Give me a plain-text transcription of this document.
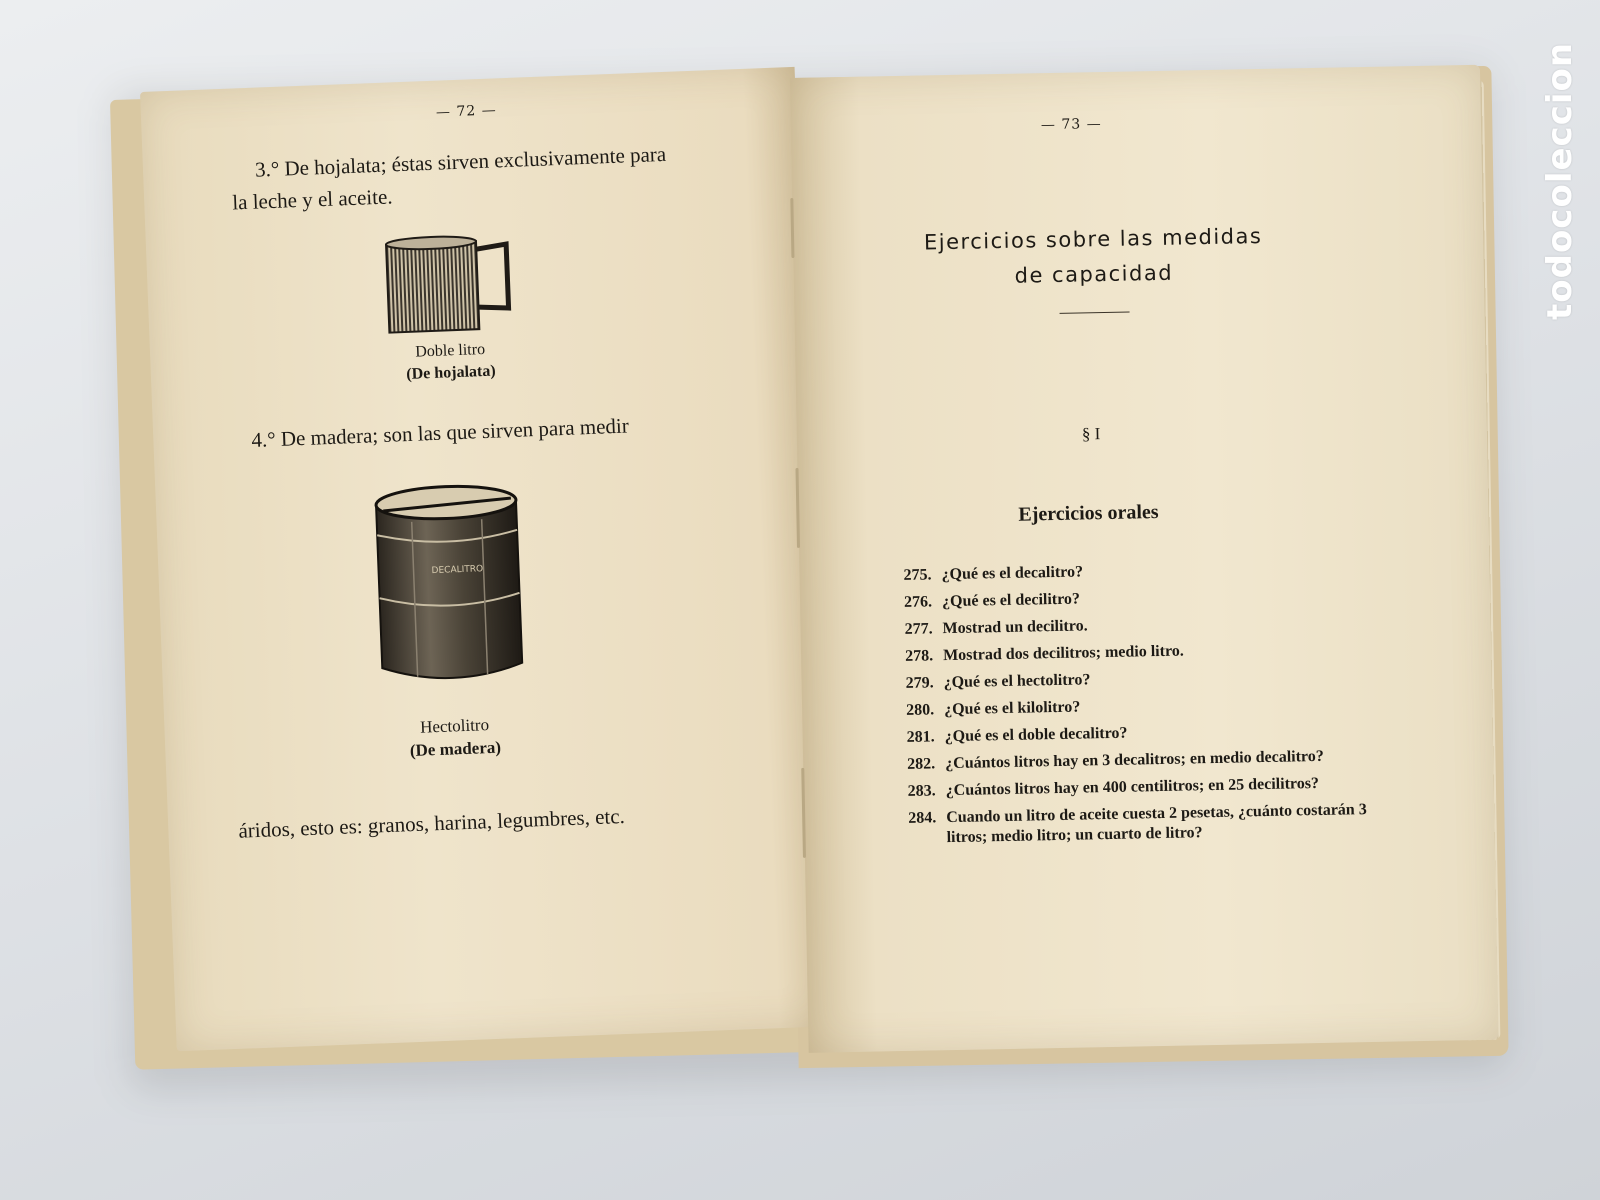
— 72 —
3.° De hojalata; éstas sirven exclusivamente para
la leche y el aceite.
Doble litro
(De hojalata)
4.° De madera; son las que sirven para medir
DECALITRO
Hectolitro
(De madera)
áridos, esto es: granos, harina, legumbres, etc.
— 73 —
Ejercicios sobre las medidas
de capacidad
§ I
Ejercicios orales
275. ¿Qué es el decalitro?
276. ¿Qué es el decilitro?
277. Mostrad un decilitro.
278. Mostrad dos decilitros; medio litro.
279. ¿Qué es el hectolitro?
280. ¿Qué es el kilolitro?
281. ¿Qué es el doble decalitro?
282. ¿Cuántos litros hay en 3 decalitros; en medio decalitro?
283. ¿Cuántos litros hay en 400 centilitros; en 25 decilitros?
284. Cuando un litro de aceite cuesta 2 pesetas, ¿cuánto costarán 3 litros; medio litro; un cuarto de litro?
todocoleccion
